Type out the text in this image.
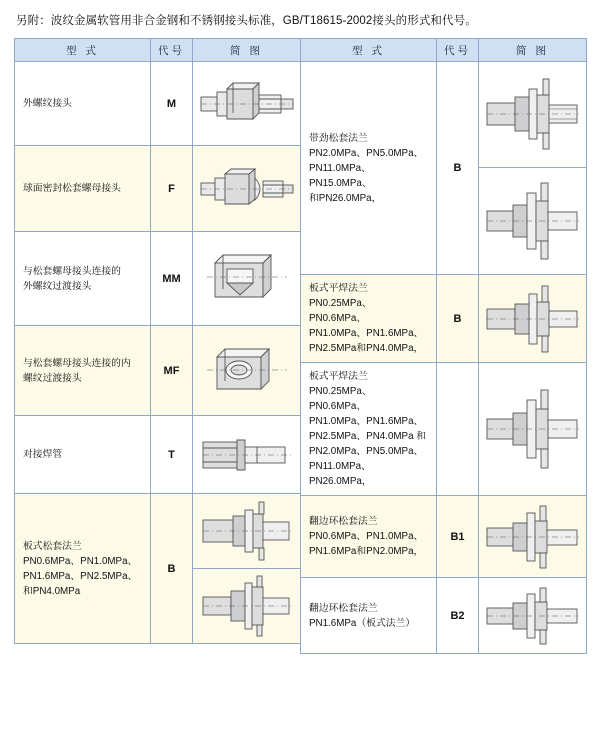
另附：波纹金属软管用非合金钢和不锈钢接头标准，GB/T18615-2002接头的形式和代号。
型 式	代号	简 图

外螺纹接头	M	

球面密封松套螺母接头	F	

与松套螺母接头连接的
外螺纹过渡接头	MM	

与松套螺母接头连接的内
螺纹过渡接头	MF	

对接焊管	T	

板式松套法兰
PN0.6MPa、PN1.0MPa、
PN1.6MPa、PN2.5MPa、
和PN4.0MPa	B	
型 式	代号	简 图

带劲松套法兰
PN2.0MPa、PN5.0MPa、
PN11.0MPa、PN15.0MPa、
和PN26.0MPa，	B	

板式平焊法兰
PN0.25MPa、PN0.6MPa、
PN1.0MPa、PN1.6MPa、
PN2.5MPa和PN4.0MPa，	B	

板式平焊法兰
PN0.25MPa、PN0.6MPa、
PN1.0MPa、PN1.6MPa、
PN2.5MPa、PN4.0MPa 和
PN2.0MPa、PN5.0MPa、
PN11.0MPa、PN26.0MPa，

翻边环松套法兰
PN0.6MPa、PN1.0MPa、
PN1.6MPa和PN2.0MPa，	B1	

翻边环松套法兰
PN1.6MPa（板式法兰）	B2	
